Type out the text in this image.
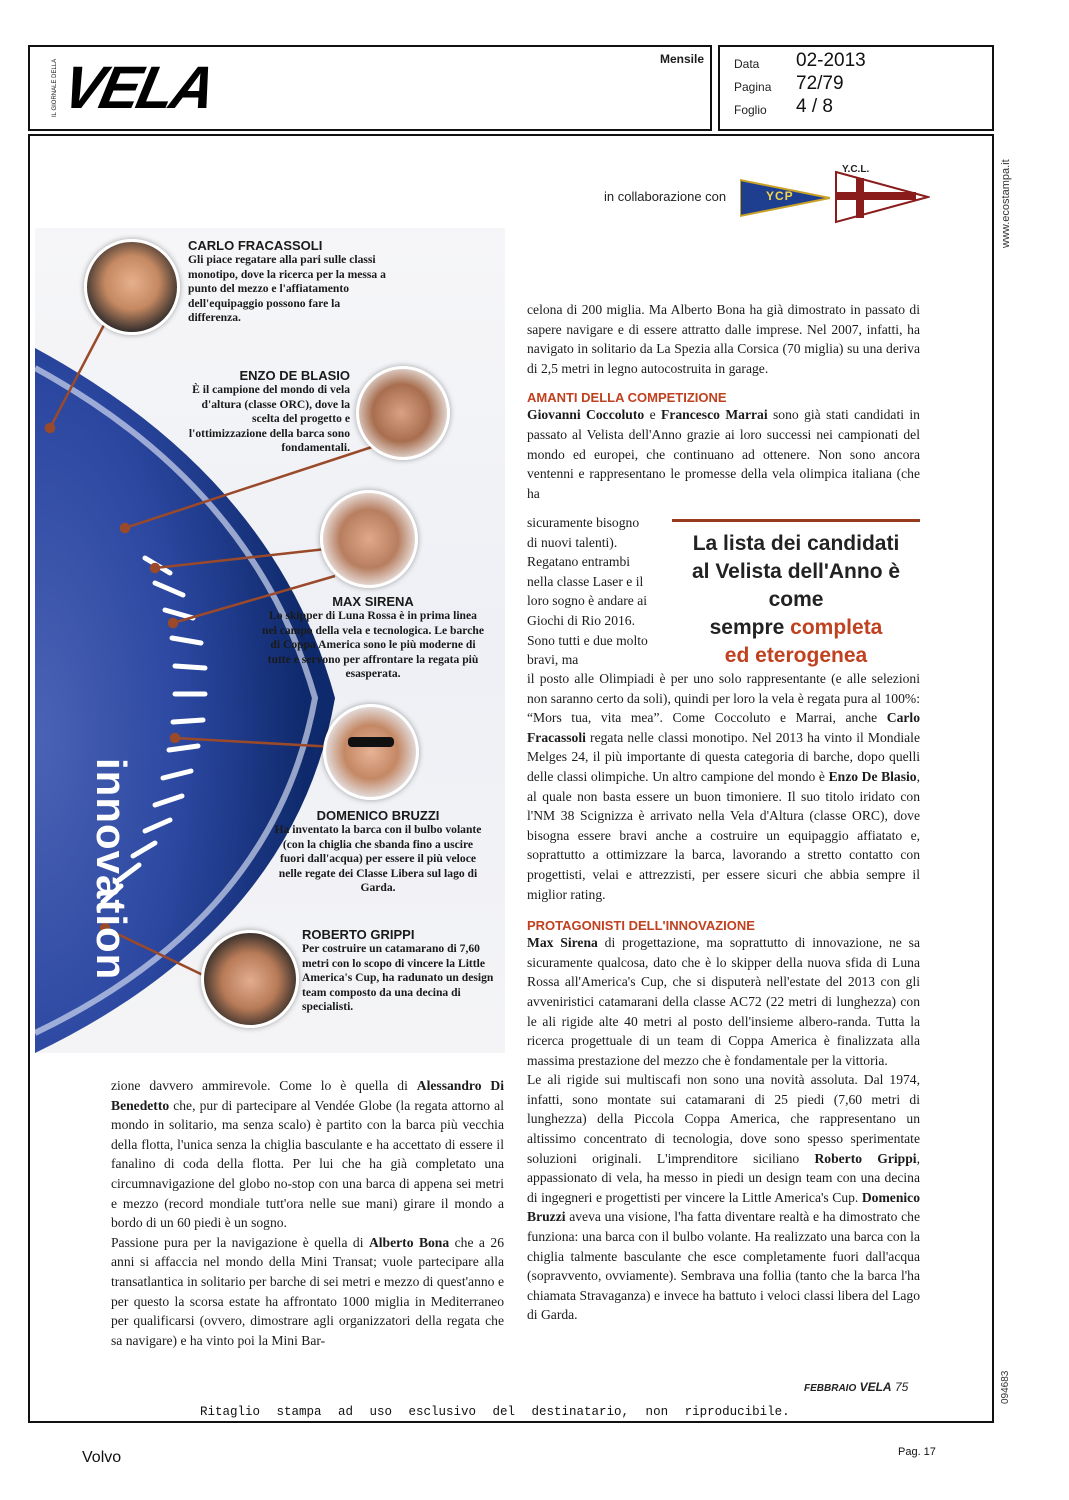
IL GIORNALE DELLA
VELA	Mensile	Data 02-2013
Pagina 72/79
Foglio 4 / 8
www.ecostampa.it
094683
in collaborazione con	YCP
Y.C.L.
innovation
CARLO FRACASSOLI
Gli piace regatare alla pari sulle classi monotipo, dove la ricerca per la messa a punto del mezzo e l'affiatamento dell'equipaggio possono fare la differenza.
ENZO DE BLASIO
È il campione del mondo di vela d'altura (classe ORC), dove la scelta del progetto e l'ottimizzazione della barca sono fondamentali.
MAX SIRENA
Lo skipper di Luna Rossa è in prima linea nel campo della vela e tecnologica. Le barche di Coppa America sono le più moderne di tutte e servono per affrontare la regata più esasperata.
DOMENICO BRUZZI
Ha inventato la barca con il bulbo volante (con la chiglia che sbanda fino a uscire fuori dall'acqua) per essere il più veloce nelle regate dei Classe Libera sul lago di Garda.
ROBERTO GRIPPI
Per costruire un catamarano di 7,60 metri con lo scopo di vincere la Little America's Cup, ha radunato un design team composto da una decina di specialisti.

celona di 200 miglia. Ma Alberto Bona ha già dimostrato in passato di sapere navigare e di essere attratto dalle imprese. Nel 2007, infatti, ha navigato in solitario da La Spezia alla Corsica (70 miglia) su una deriva di 2,5 metri in legno autocostruita in garage.

AMANTI DELLA COMPETIZIONE

Giovanni Coccoluto e Francesco Marrai sono già stati candidati in passato al Velista dell'Anno grazie ai loro successi nei campionati del mondo ed europei, che continuano ad ottenere. Non sono ancora ventenni e rappresentano le promesse della vela olimpica italiana (che ha

sicuramente bisogno di nuovi talenti). Regatano entrambi nella classe Laser e il loro sogno è andare ai Giochi di Rio 2016. Sono tutti e due molto bravi, ma

La lista dei candidati
al Velista dell'Anno è come
sempre completa
ed eterogenea

il posto alle Olimpiadi è per uno solo rappresentante (e alle selezioni non saranno certo da soli), quindi per loro la vela è regata pura al 100%: “Mors tua, vita mea”. Come Coccoluto e Marrai, anche Carlo Fracassoli regata nelle classi monotipo. Nel 2013 ha vinto il Mondiale Melges 24, il più importante di questa categoria di barche, dopo quelli delle classi olimpiche. Un altro campione del mondo è Enzo De Blasio, al quale non basta essere un buon timoniere. Il suo titolo iridato con l'NM 38 Scignizza è arrivato nella Vela d'Altura (classe ORC), dove bisogna essere bravi anche a costruire un equipaggio affiatato e, soprattutto a ottimizzare la barca, lavorando a stretto contatto con progettisti, velai e attrezzisti, per essere sicuri che abbia sempre il miglior rating.

PROTAGONISTI DELL'INNOVAZIONE

Max Sirena di progettazione, ma soprattutto di innovazione, ne sa sicuramente qualcosa, dato che è lo skipper della nuova sfida di Luna Rossa all'America's Cup, che si disputerà nell'estate del 2013 con gli avveniristici catamarani della classe AC72 (22 metri di lunghezza) con le ali rigide alte 40 metri al posto dell'insieme albero-randa. Tutta la ricerca progettuale di un team di Coppa America è finalizzata alla massima prestazione del mezzo che è fondamentale per la vittoria.

Le ali rigide sui multiscafi non sono una novità assoluta. Dal 1974, infatti, sono montate sui catamarani di 25 piedi (7,60 metri di lunghezza) della Piccola Coppa America, che rappresentano un altissimo concentrato di tecnologia, dove sono spesso sperimentate soluzioni originali. L'imprenditore siciliano Roberto Grippi, appassionato di vela, ha messo in piedi un design team con una decina di ingegneri e progettisti per vincere la Little America's Cup. Domenico Bruzzi aveva una visione, l'ha fatta diventare realtà e ha dimostrato che funziona: una barca con il bulbo volante. Ha realizzato una barca con la chiglia talmente basculante che esce completamente fuori dall'acqua (sopravvento, ovviamente). Sembrava una follia (tanto che la barca l'ha chiamata Stravaganza) e invece ha battuto i veloci classi libera del Lago di Garda.

zione davvero ammirevole. Come lo è quella di Alessandro Di Benedetto che, pur di partecipare al Vendée Globe (la regata attorno al mondo in solitario, ma senza scalo) è partito con la barca più vecchia della flotta, l'unica senza la chiglia basculante e ha accettato di essere il fanalino di coda della flotta. Per lui che ha già completato una circumnavigazione del globo no-stop con una barca di appena sei metri e mezzo (record mondiale tutt'ora nelle sue mani) girare il mondo a bordo di un 60 piedi è un sogno.

Passione pura per la navigazione è quella di Alberto Bona che a 26 anni si affaccia nel mondo della Mini Transat; vuole partecipare alla transatlantica in solitario per barche di sei metri e mezzo di quest'anno e per questo la scorsa estate ha affrontato 1000 miglia in Mediterraneo per qualificarsi (ovvero, dimostrare agli organizzatori della regata che sa navigare) e ha vinto poi la Mini Bar-

FEBBRAIO VELA 75
Ritaglio stampa ad uso esclusivo del destinatario, non riproducibile.
Volvo	Pag. 17
